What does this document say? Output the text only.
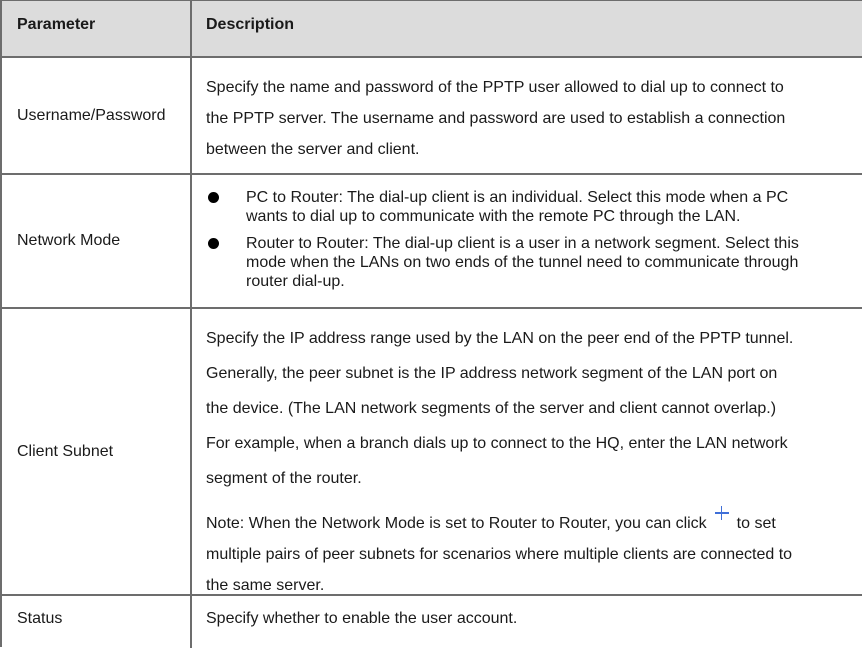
Parameter	Description
Username/Password

Specify the name and password of the PPTP user allowed to dial up to connect to

the PPTP server. The username and password are used to establish a connection

between the server and client.

Network Mode
PC to Router: The dial-up client is an individual. Select this mode when a PC
wants to dial up to communicate with the remote PC through the LAN.
Router to Router: The dial-up client is a user in a network segment. Select this
mode when the LANs on two ends of the tunnel need to communicate through
router dial-up.
Client Subnet

Specify the IP address range used by the LAN on the peer end of the PPTP tunnel.

Generally, the peer subnet is the IP address network segment of the LAN port on

the device. (The LAN network segments of the server and client cannot overlap.)

For example, when a branch dials up to connect to the HQ, enter the LAN network

segment of the router.

Note: When the Network Mode is set to Router to Router, you can click to set

multiple pairs of peer subnets for scenarios where multiple clients are connected to

the same server.

Status	Specify whether to enable the user account.
